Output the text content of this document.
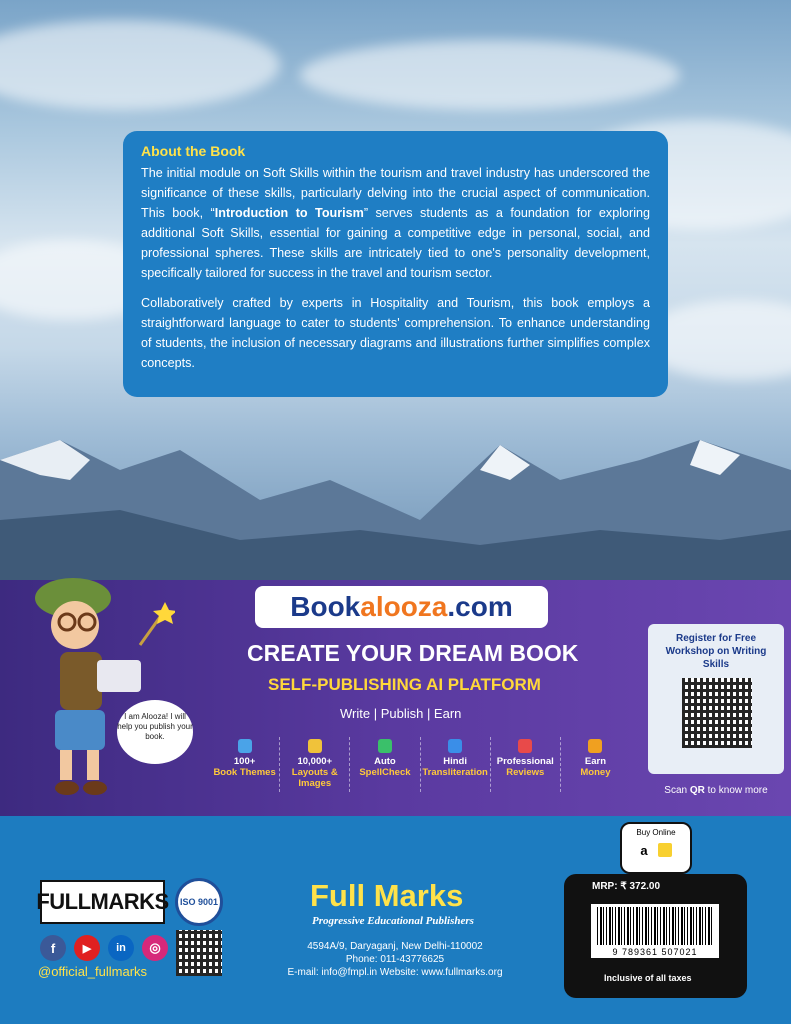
About the Book

The initial module on Soft Skills within the tourism and travel industry has underscored the significance of these skills, particularly delving into the crucial aspect of communication. This book, “Introduction to Tourism” serves students as a foundation for exploring additional Soft Skills, essential for gaining a competitive edge in personal, social, and professional spheres. These skills are intricately tied to one's personality development, specifically tailored for success in the travel and tourism sector.

Collaboratively crafted by experts in Hospitality and Tourism, this book employs a straightforward language to cater to students' comprehension. To enhance understanding of students, the inclusion of necessary diagrams and illustrations further simplifies complex concepts.

I am Alooza! I will help you publish your book.
Book alooza .com
CREATE YOUR DREAM BOOK
SELF-PUBLISHING AI PLATFORM
Write | Publish | Earn
100+
Book Themes
10,000+
Layouts & Images
Auto
SpellCheck
Hindi
Transliteration
Professional
Reviews
Earn
Money
Register for Free Workshop on Writing Skills
Scan QR to know more
FULLMARKS	ISO 9001
f	▶	in	◎
@official_fullmarks
Full Marks
Progressive Educational Publishers
4594A/9, Daryaganj, New Delhi-110002
Phone: 011-43776625
E-mail: info@fmpl.in Website: www.fullmarks.org
Buy Online
a
MRP: ₹ 372.00
9 789361 507021
Inclusive of all taxes
